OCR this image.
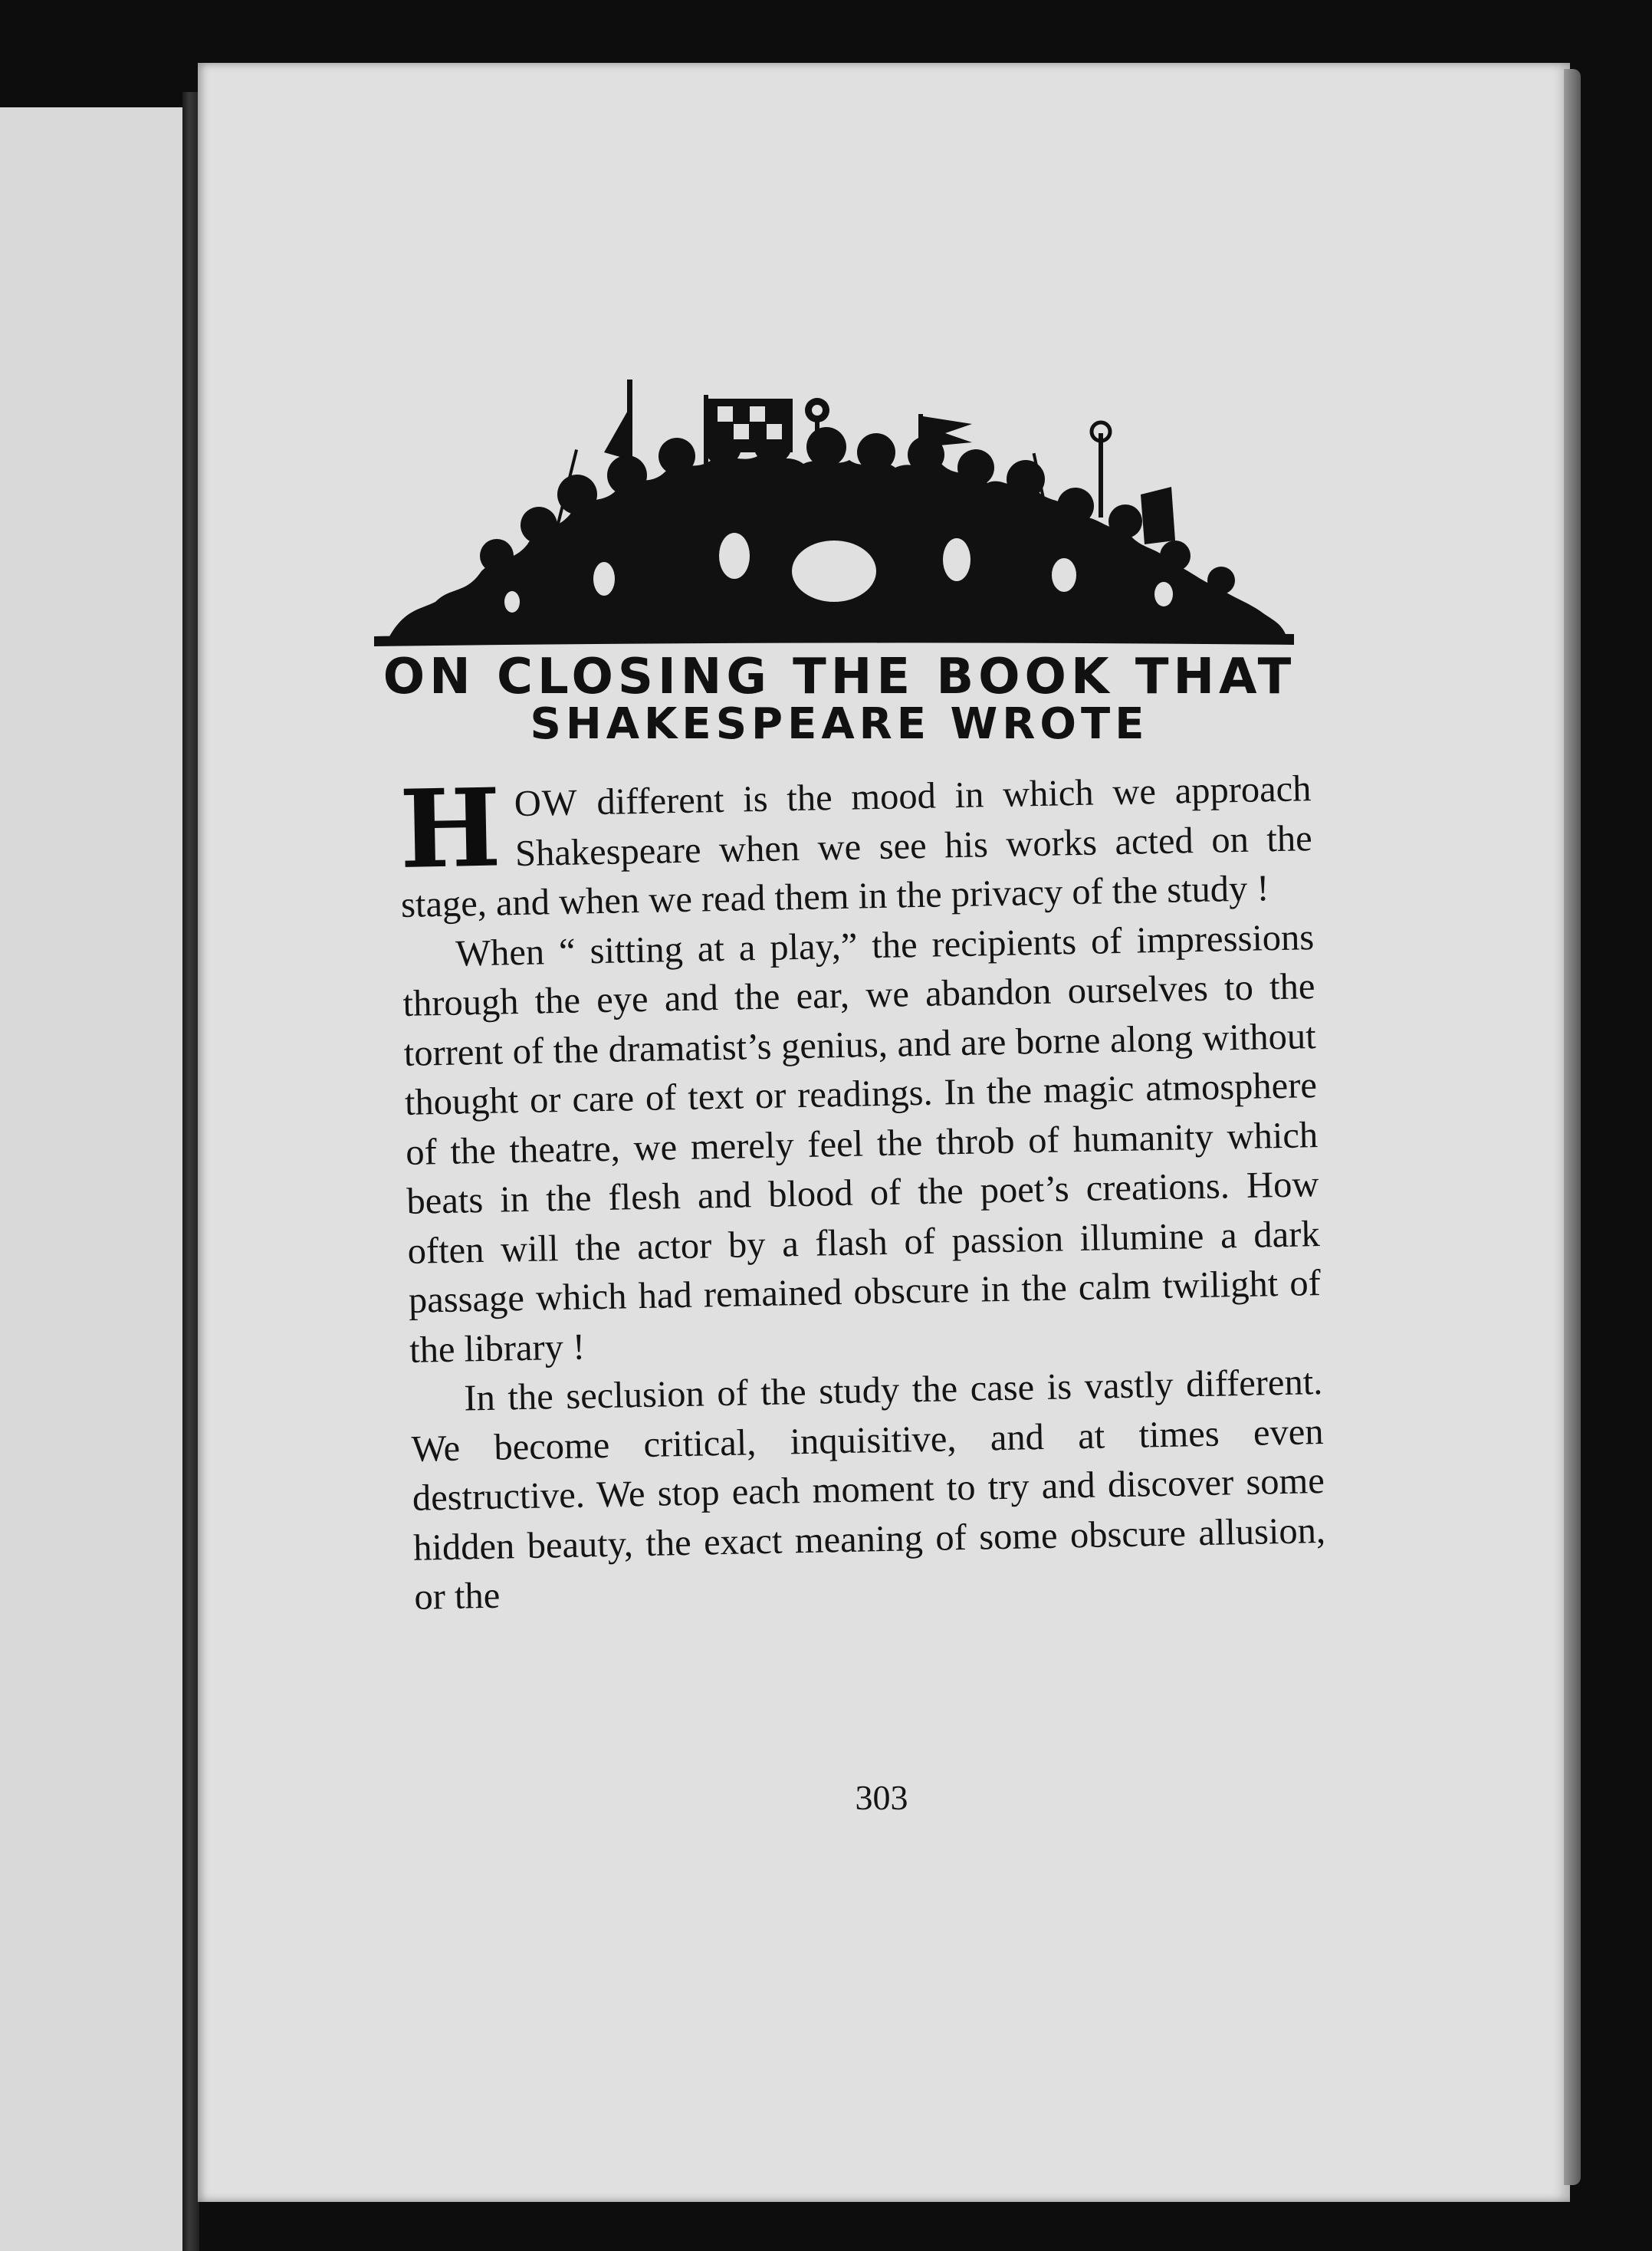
ON CLOSING THE BOOK THAT
SHAKESPEARE WROTE

HOW different is the mood in which we approach Shakespeare when we see his works acted on the stage, and when we read them in the privacy of the study !

When “ sitting at a play,” the recipients of impressions through the eye and the ear, we abandon ourselves to the torrent of the dramatist’s genius, and are borne along without thought or care of text or readings. In the magic atmosphere of the theatre, we merely feel the throb of humanity which beats in the flesh and blood of the poet’s creations. How often will the actor by a flash of passion illumine a dark passage which had remained obscure in the calm twilight of the library !

In the seclusion of the study the case is vastly different. We become critical, inquisitive, and at times even destructive. We stop each moment to try and discover some hidden beauty, the exact meaning of some obscure allusion, or the

303
